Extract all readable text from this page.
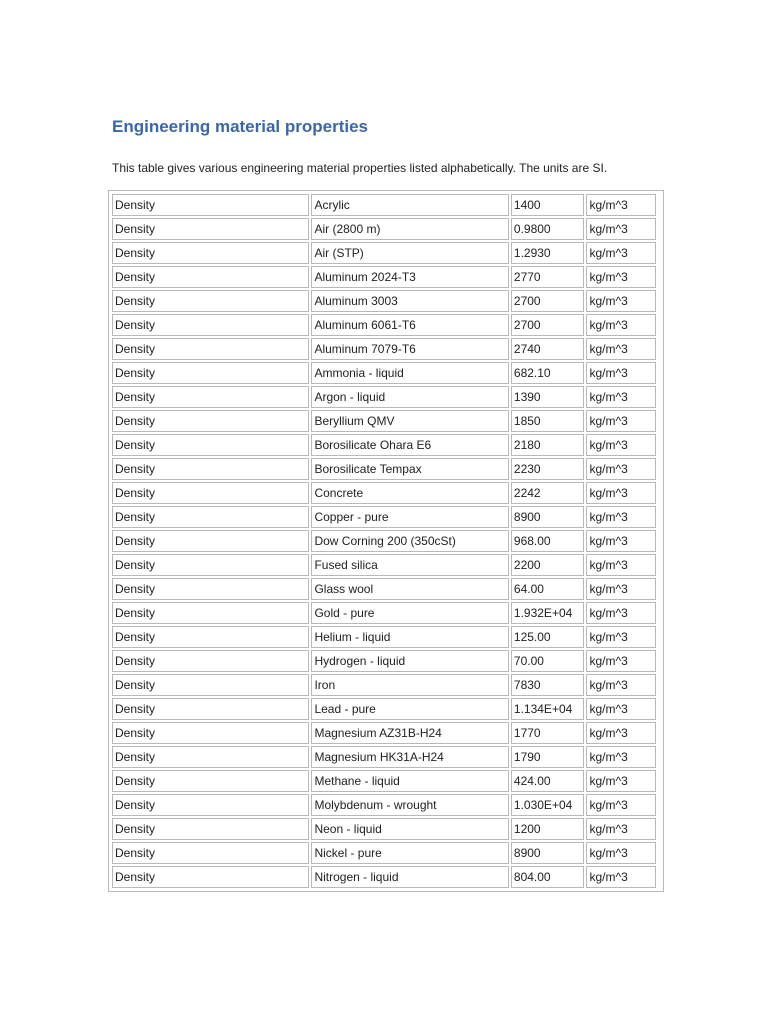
Engineering material properties

This table gives various engineering material properties listed alphabetically. The units are SI.

Density	Acrylic	1400	kg/m^3
Density	Air (2800 m)	0.9800	kg/m^3
Density	Air (STP)	1.2930	kg/m^3
Density	Aluminum 2024-T3	2770	kg/m^3
Density	Aluminum 3003	2700	kg/m^3
Density	Aluminum 6061-T6	2700	kg/m^3
Density	Aluminum 7079-T6	2740	kg/m^3
Density	Ammonia - liquid	682.10	kg/m^3
Density	Argon - liquid	1390	kg/m^3
Density	Beryllium QMV	1850	kg/m^3
Density	Borosilicate Ohara E6	2180	kg/m^3
Density	Borosilicate Tempax	2230	kg/m^3
Density	Concrete	2242	kg/m^3
Density	Copper - pure	8900	kg/m^3
Density	Dow Corning 200 (350cSt)	968.00	kg/m^3
Density	Fused silica	2200	kg/m^3
Density	Glass wool	64.00	kg/m^3
Density	Gold - pure	1.932E+04	kg/m^3
Density	Helium - liquid	125.00	kg/m^3
Density	Hydrogen - liquid	70.00	kg/m^3
Density	Iron	7830	kg/m^3
Density	Lead - pure	1.134E+04	kg/m^3
Density	Magnesium AZ31B-H24	1770	kg/m^3
Density	Magnesium HK31A-H24	1790	kg/m^3
Density	Methane - liquid	424.00	kg/m^3
Density	Molybdenum - wrought	1.030E+04	kg/m^3
Density	Neon - liquid	1200	kg/m^3
Density	Nickel - pure	8900	kg/m^3
Density	Nitrogen - liquid	804.00	kg/m^3
